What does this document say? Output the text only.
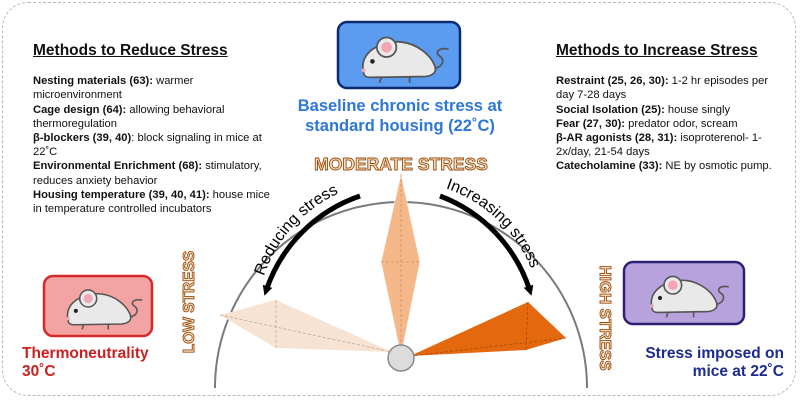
Reducing stress	Increasing stress
MODERATE STRESS
LOW STRESS	HIGH STRESS
Methods to Reduce Stress
Nesting materials (63): warmer microenvironment
Cage design (64): allowing behavioral thermoregulation
β-blockers (39, 40): block signaling in mice at 22˚C
Environmental Enrichment (68): stimulatory, reduces anxiety behavior
Housing temperature (39, 40, 41): house mice in temperature controlled incubators
Methods to Increase Stress
Restraint (25, 26, 30): 1-2 hr episodes per day 7-28 days
Social Isolation (25): house singly
Fear (27, 30): predator odor, scream
β-AR agonists (28, 31): isoproterenol- 1-2x/day, 21-54 days
Catecholamine (33): NE by osmotic pump.
Baseline chronic stress at
standard housing (22˚C)
Thermoneutrality
30˚C
Stress imposed on
mice at 22˚C
